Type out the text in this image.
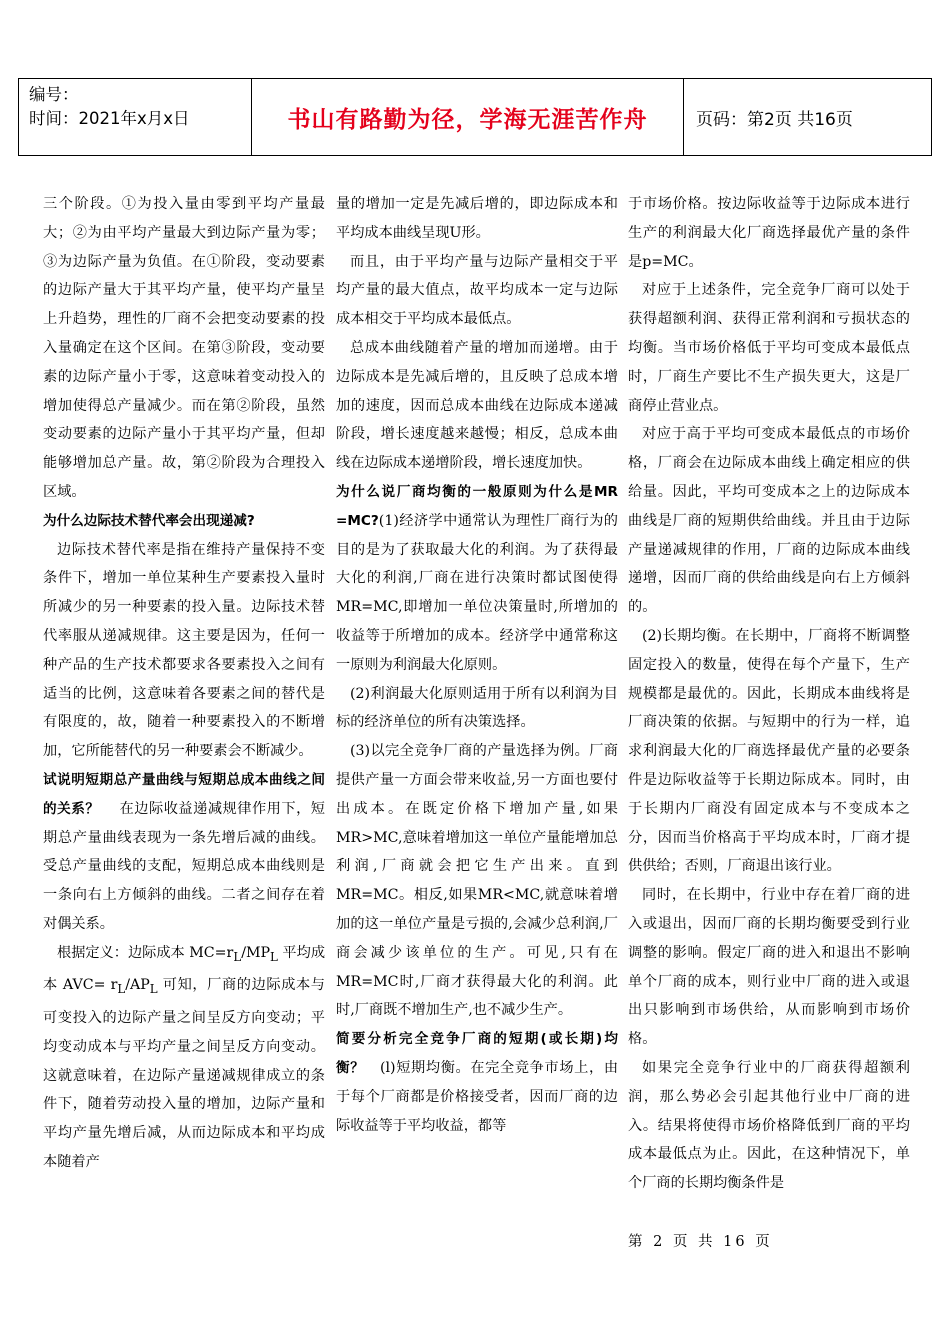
编号：
时间：2021年x月x日	书山有路勤为径，学海无涯苦作舟	页码：第2页 共16页

三个阶段。①为投入量由零到平均产量最大；②为由平均产量最大到边际产量为零；③为边际产量为负值。在①阶段，变动要素的边际产量大于其平均产量，使平均产量呈上升趋势，理性的厂商不会把变动要素的投入量确定在这个区间。在第③阶段，变动要素的边际产量小于零，这意味着变动投入的增加使得总产量减少。而在第②阶段，虽然变动要素的边际产量小于其平均产量，但却能够增加总产量。故，第②阶段为合理投入区域。

为什么边际技术替代率会出现递减?

边际技术替代率是指在维持产量保持不变条件下，增加一单位某种生产要素投入量时所减少的另一种要素的投入量。边际技术替代率服从递减规律。这主要是因为，任何一种产品的生产技术都要求各要素投入之间有适当的比例，这意味着各要素之间的替代是有限度的，故，随着一种要素投入的不断增加，它所能替代的另一种要素会不断减少。

试说明短期总产量曲线与短期总成本曲线之间的关系？ 在边际收益递减规律作用下，短期总产量曲线表现为一条先增后减的曲线。受总产量曲线的支配，短期总成本曲线则是一条向右上方倾斜的曲线。二者之间存在着对偶关系。

根据定义：边际成本 $MC=r_L/MP_L$ 平均成本 $AVC= r_L/AP_L$ 可知，厂商的边际成本与可变投入的边际产量之间呈反方向变动；平均变动成本与平均产量之间呈反方向变动。这就意味着，在边际产量递减规律成立的条件下，随着劳动投入量的增加，边际产量和平均产量先增后减，从而边际成本和平均成本随着产

量的增加一定是先减后增的，即边际成本和平均成本曲线呈现U形。

而且，由于平均产量与边际产量相交于平均产量的最大值点，故平均成本一定与边际成本相交于平均成本最低点。

总成本曲线随着产量的增加而递增。由于边际成本是先减后增的，且反映了总成本增加的速度，因而总成本曲线在边际成本递减阶段，增长速度越来越慢；相反，总成本曲线在边际成本递增阶段，增长速度加快。

为什么说厂商均衡的一般原则为什么是MR =MC?(1)经济学中通常认为理性厂商行为的目的是为了获取最大化的利润。为了获得最大化的利润,厂商在进行决策时都试图使得MR=MC,即增加一单位决策量时,所增加的收益等于所增加的成本。经济学中通常称这一原则为利润最大化原则。

(2)利润最大化原则适用于所有以利润为目标的经济单位的所有决策选择。

(3)以完全竞争厂商的产量选择为例。厂商提供产量一方面会带来收益,另一方面也要付出成本。在既定价格下增加产量,如果MR>MC,意味着增加这一单位产量能增加总利润,厂商就会把它生产出来。直到MR=MC。相反,如果MR<MC,就意味着增加的这一单位产量是亏损的,会减少总利润,厂商会减少该单位的生产。可见,只有在MR=MC时,厂商才获得最大化的利润。此时,厂商既不增加生产,也不减少生产。

简要分析完全竞争厂商的短期(或长期)均衡？ (l)短期均衡。在完全竞争市场上，由于每个厂商都是价格接受者，因而厂商的边际收益等于平均收益，都等

于市场价格。按边际收益等于边际成本进行生产的利润最大化厂商选择最优产量的条件是p=MC。

对应于上述条件，完全竞争厂商可以处于获得超额利润、获得正常利润和亏损状态的均衡。当市场价格低于平均可变成本最低点时，厂商生产要比不生产损失更大，这是厂商停止营业点。

对应于高于平均可变成本最低点的市场价格，厂商会在边际成本曲线上确定相应的供给量。因此，平均可变成本之上的边际成本曲线是厂商的短期供给曲线。并且由于边际产量递减规律的作用，厂商的边际成本曲线递增，因而厂商的供给曲线是向右上方倾斜的。

(2)长期均衡。在长期中，厂商将不断调整固定投入的数量，使得在每个产量下，生产规模都是最优的。因此，长期成本曲线将是厂商决策的依据。与短期中的行为一样，追求利润最大化的厂商选择最优产量的必要条件是边际收益等于长期边际成本。同时，由于长期内厂商没有固定成本与不变成本之分，因而当价格高于平均成本时，厂商才提供供给；否则，厂商退出该行业。

同时，在长期中，行业中存在着厂商的进入或退出，因而厂商的长期均衡要受到行业调整的影响。假定厂商的进入和退出不影响单个厂商的成本，则行业中厂商的进入或退出只影响到市场供给，从而影响到市场价格。

如果完全竞争行业中的厂商获得超额利润，那么势必会引起其他行业中厂商的进入。结果将使得市场价格降低到厂商的平均成本最低点为止。因此，在这种情况下，单个厂商的长期均衡条件是

第 2 页 共 16 页
